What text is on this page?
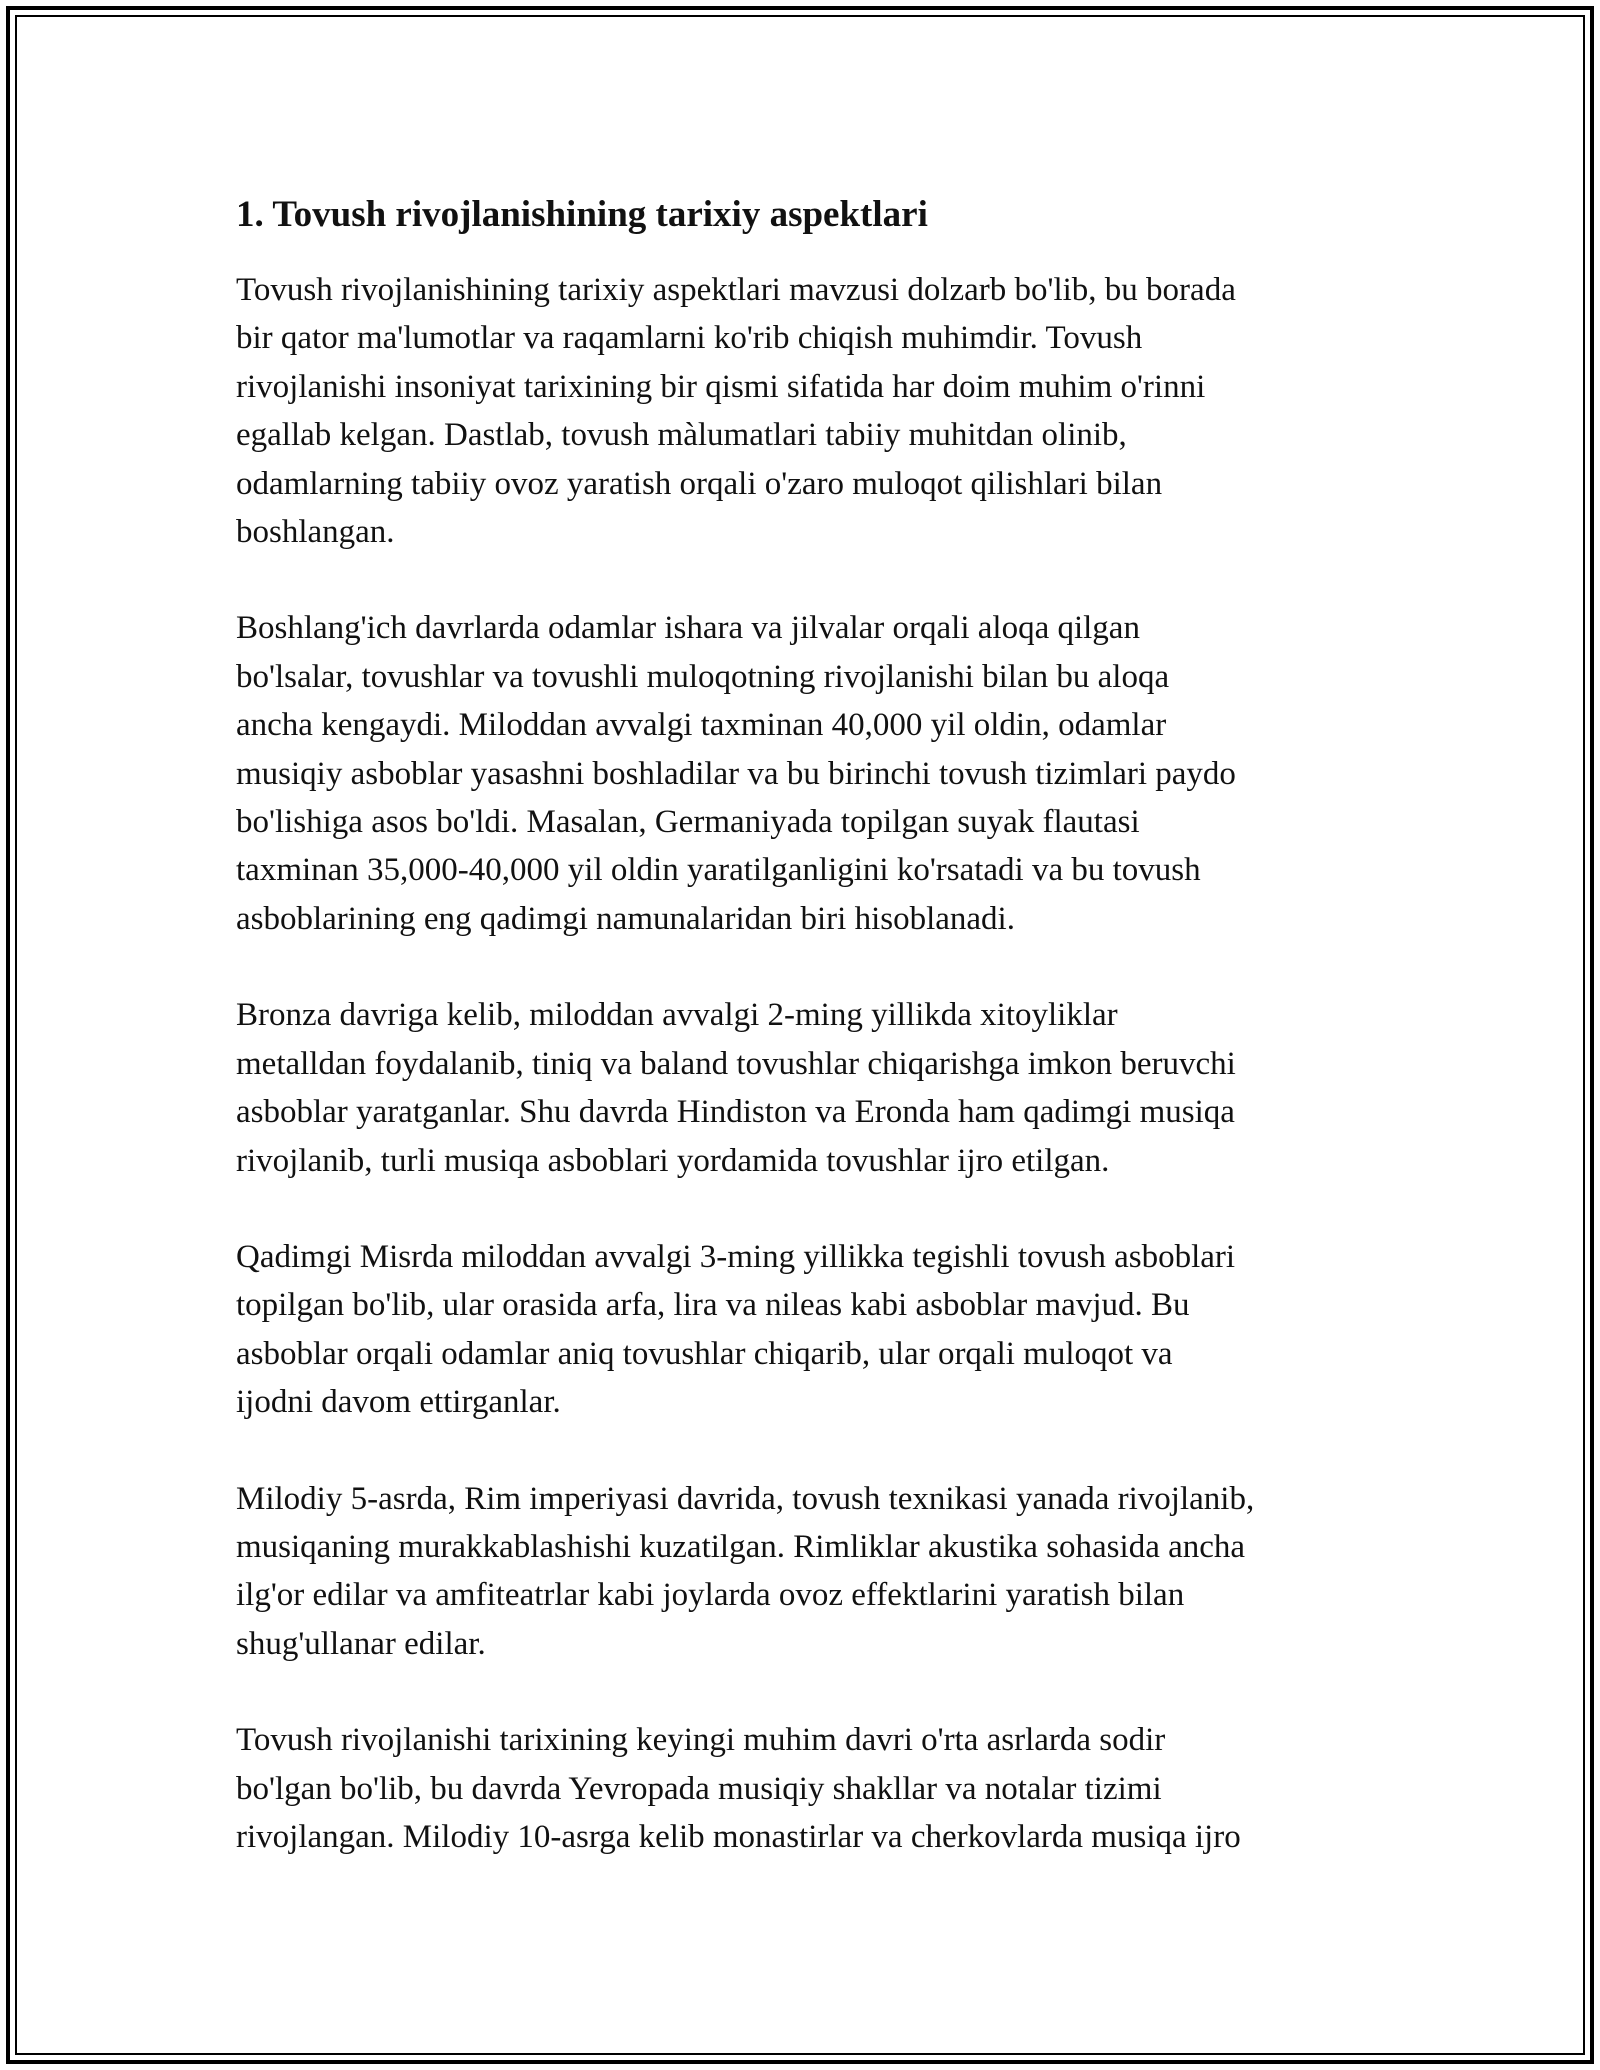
1. Tovush rivojlanishining tarixiy aspektlari

Tovush rivojlanishining tarixiy aspektlari mavzusi dolzarb bo'lib, bu borada
bir qator ma'lumotlar va raqamlarni ko'rib chiqish muhimdir. Tovush
rivojlanishi insoniyat tarixining bir qismi sifatida har doim muhim o'rinni
egallab kelgan. Dastlab, tovush màlumatlari tabiiy muhitdan olinib,
odamlarning tabiiy ovoz yaratish orqali o'zaro muloqot qilishlari bilan
boshlangan.

Boshlang'ich davrlarda odamlar ishara va jilvalar orqali aloqa qilgan
bo'lsalar, tovushlar va tovushli muloqotning rivojlanishi bilan bu aloqa
ancha kengaydi. Miloddan avvalgi taxminan 40,000 yil oldin, odamlar
musiqiy asboblar yasashni boshladilar va bu birinchi tovush tizimlari paydo
bo'lishiga asos bo'ldi. Masalan, Germaniyada topilgan suyak flautasi
taxminan 35,000-40,000 yil oldin yaratilganligini ko'rsatadi va bu tovush
asboblarining eng qadimgi namunalaridan biri hisoblanadi.

Bronza davriga kelib, miloddan avvalgi 2-ming yillikda xitoyliklar
metalldan foydalanib, tiniq va baland tovushlar chiqarishga imkon beruvchi
asboblar yaratganlar. Shu davrda Hindiston va Eronda ham qadimgi musiqa
rivojlanib, turli musiqa asboblari yordamida tovushlar ijro etilgan.

Qadimgi Misrda miloddan avvalgi 3-ming yillikka tegishli tovush asboblari
topilgan bo'lib, ular orasida arfa, lira va nileas kabi asboblar mavjud. Bu
asboblar orqali odamlar aniq tovushlar chiqarib, ular orqali muloqot va
ijodni davom ettirganlar.

Milodiy 5-asrda, Rim imperiyasi davrida, tovush texnikasi yanada rivojlanib,
musiqaning murakkablashishi kuzatilgan. Rimliklar akustika sohasida ancha
ilg'or edilar va amfiteatrlar kabi joylarda ovoz effektlarini yaratish bilan
shug'ullanar edilar.

Tovush rivojlanishi tarixining keyingi muhim davri o'rta asrlarda sodir
bo'lgan bo'lib, bu davrda Yevropada musiqiy shakllar va notalar tizimi
rivojlangan. Milodiy 10-asrga kelib monastirlar va cherkovlarda musiqa ijro
